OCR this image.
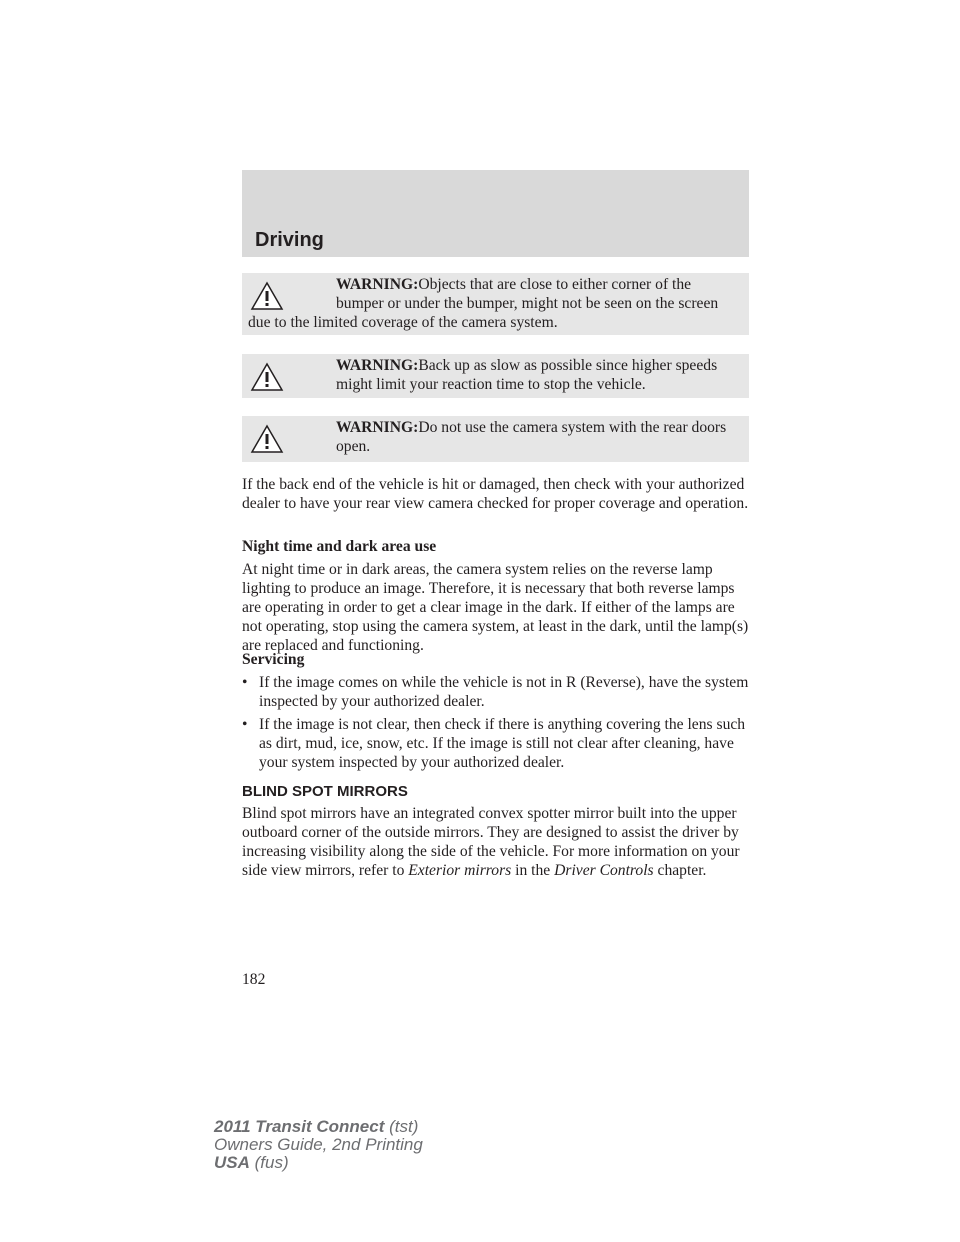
Driving

WARNING:Objects that are close to either corner of the
bumper or under the bumper, might not be seen on the screen
due to the limited coverage of the camera system.

WARNING:Back up as slow as possible since higher speeds
might limit your reaction time to stop the vehicle.

WARNING:Do not use the camera system with the rear doors
open.

If the back end of the vehicle is hit or damaged, then check with your authorized dealer to have your rear view camera checked for proper coverage and operation.

Night time and dark area use

At night time or in dark areas, the camera system relies on the reverse lamp lighting to produce an image. Therefore, it is necessary that both reverse lamps are operating in order to get a clear image in the dark. If either of the lamps are not operating, stop using the camera system, at least in the dark, until the lamp(s) are replaced and functioning.

Servicing

• If the image comes on while the vehicle is not in R (Reverse), have the system inspected by your authorized dealer.

• If the image is not clear, then check if there is anything covering the lens such as dirt, mud, ice, snow, etc. If the image is still not clear after cleaning, have your system inspected by your authorized dealer.

BLIND SPOT MIRRORS

Blind spot mirrors have an integrated convex spotter mirror built into the upper outboard corner of the outside mirrors. They are designed to assist the driver by increasing visibility along the side of the vehicle. For more information on your side view mirrors, refer to Exterior mirrors in the Driver Controls chapter.

182
2011 Transit Connect (tst)
Owners Guide, 2nd Printing
USA (fus)
